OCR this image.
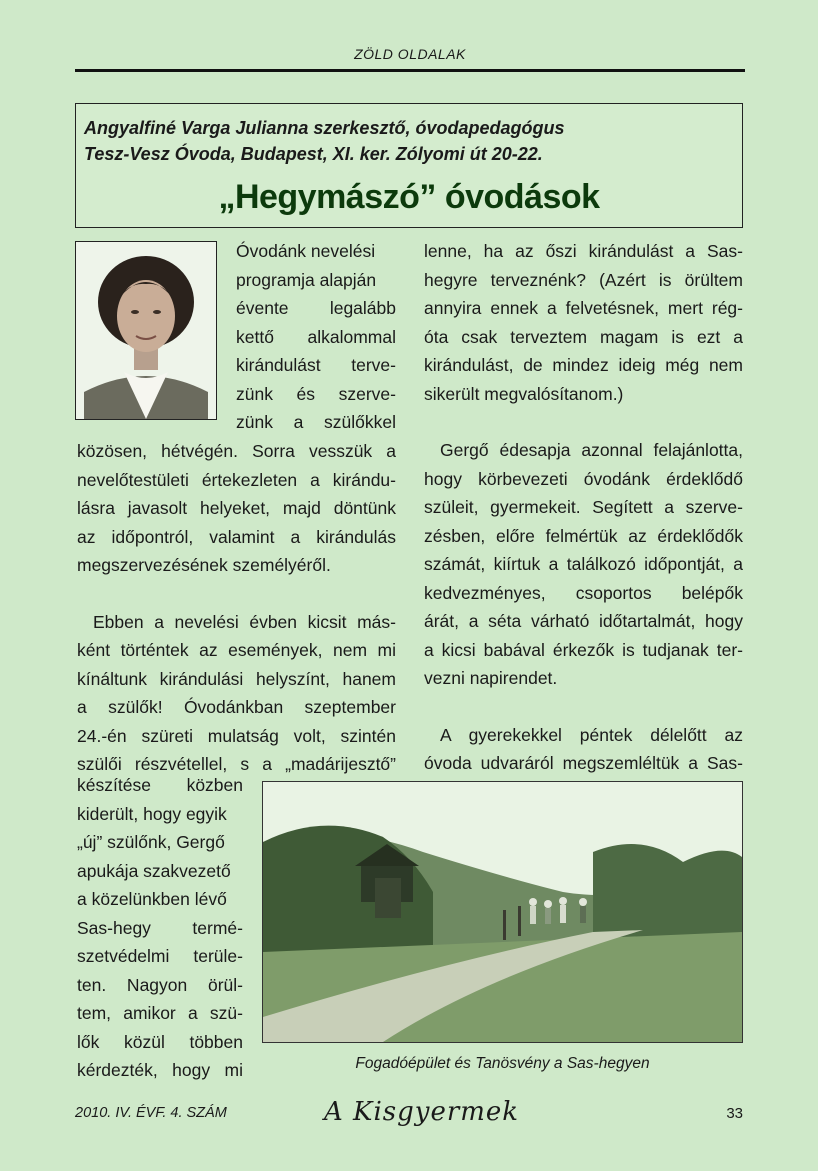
ZÖLD OLDALAK
Angyalfiné Varga Julianna szerkesztő, óvodapedagógus
Tesz-Vesz Óvoda, Budapest, XI. ker. Zólyomi út 20-22.
„Hegymászó” óvodások

Óvodánk nevelési

programja alapján

évente legalább

kettő alkalommal

kirándulást terve-

zünk és szerve-

zünk a szülőkkel

közösen, hétvégén. Sorra vesszük a

nevelőtestületi értekezleten a kirándu-

lásra javasolt helyeket, majd döntünk

az időpontról, valamint a kirándulás

megszervezésének személyéről.

Ebben a nevelési évben kicsit más-

ként történtek az események, nem mi

kínáltunk kirándulási helyszínt, hanem

a szülők! Óvodánkban szeptember

24.-én szüreti mulatság volt, szintén

szülői részvétellel, s a „madárijesztő”

készítése közben

kiderült, hogy egyik

„új” szülőnk, Gergő

apukája szakvezető

a közelünkben lévő

Sas-hegy termé-

szetvédelmi terüle-

ten. Nagyon örül-

tem, amikor a szü-

lők közül többen

kérdezték, hogy mi

lenne, ha az őszi kirándulást a Sas-

hegyre terveznénk? (Azért is örültem

annyira ennek a felvetésnek, mert rég-

óta csak terveztem magam is ezt a

kirándulást, de mindez ideig még nem

sikerült megvalósítanom.)

Gergő édesapja azonnal felajánlotta,

hogy körbevezeti óvodánk érdeklődő

szüleit, gyermekeit. Segített a szerve-

zésben, előre felmértük az érdeklődők

számát, kiírtuk a találkozó időpontját, a

kedvezményes, csoportos belépők

árát, a séta várható időtartalmát, hogy

a kicsi babával érkezők is tudjanak ter-

vezni napirendet.

A gyerekekkel péntek délelőtt az

óvoda udvaráról megszemléltük a Sas-

Fogadóépület és Tanösvény a Sas-hegyen
2010. IV. ÉVF. 4. SZÁM	A Kisgyermek	33
